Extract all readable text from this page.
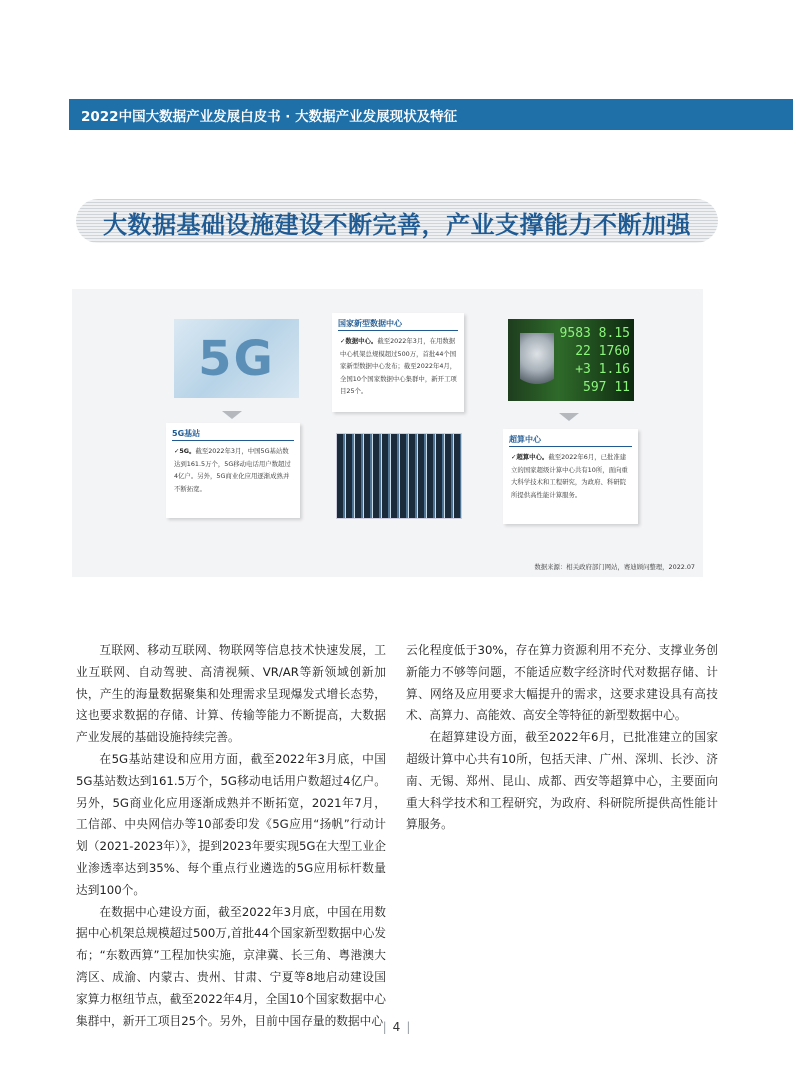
2022中国大数据产业发展白皮书 · 大数据产业发展现状及特征
大数据基础设施建设不断完善，产业支撑能力不断加强
5G
5G基站
✓5G。截至2022年3月，中国5G基站数达到161.5万个，5G移动电话用户数超过4亿户。另外，5G商业化应用逐渐成熟并不断拓宽。
国家新型数据中心
✓数据中心。截至2022年3月，在用数据中心机架总规模超过500万，首批44个国家新型数据中心发布；截至2022年4月，全国10个国家数据中心集群中，新开工项目25个。
9583 8.15
22 1760
+3 1.16
597 11
超算中心
✓超算中心。截至2022年6月，已批准建立的国家超级计算中心共有10所，面向重大科学技术和工程研究，为政府、科研院所提供高性能计算服务。
数据来源：相关政府部门网站，赛迪顾问整理，2022.07

互联网、移动互联网、物联网等信息技术快速发展，工业互联网、自动驾驶、高清视频、VR/AR等新领域创新加快，产生的海量数据聚集和处理需求呈现爆发式增长态势，这也要求数据的存储、计算、传输等能力不断提高，大数据产业发展的基础设施持续完善。

在5G基站建设和应用方面，截至2022年3月底，中国5G基站数达到161.5万个，5G移动电话用户数超过4亿户。另外，5G商业化应用逐渐成熟并不断拓宽，2021年7月，工信部、中央网信办等10部委印发《5G应用“扬帆”行动计划（2021-2023年）》，提到2023年要实现5G在大型工业企业渗透率达到35%、每个重点行业遴选的5G应用标杆数量达到100个。

在数据中心建设方面，截至2022年3月底，中国在用数据中心机架总规模超过500万,首批44个国家新型数据中心发布；“东数西算”工程加快实施，京津冀、长三角、粤港澳大湾区、成渝、内蒙古、贵州、甘肃、宁夏等8地启动建设国家算力枢纽节点，截至2022年4月，全国10个国家数据中心集群中，新开工项目25个。另外，目前中国存量的数据中心

云化程度低于30%，存在算力资源利用不充分、支撑业务创新能力不够等问题，不能适应数字经济时代对数据存储、计算、网络及应用要求大幅提升的需求，这要求建设具有高技术、高算力、高能效、高安全等特征的新型数据中心。

在超算建设方面，截至2022年6月，已批准建立的国家超级计算中心共有10所，包括天津、广州、深圳、长沙、济南、无锡、郑州、昆山、成都、西安等超算中心，主要面向重大科学技术和工程研究，为政府、科研院所提供高性能计算服务。

| 4 |
